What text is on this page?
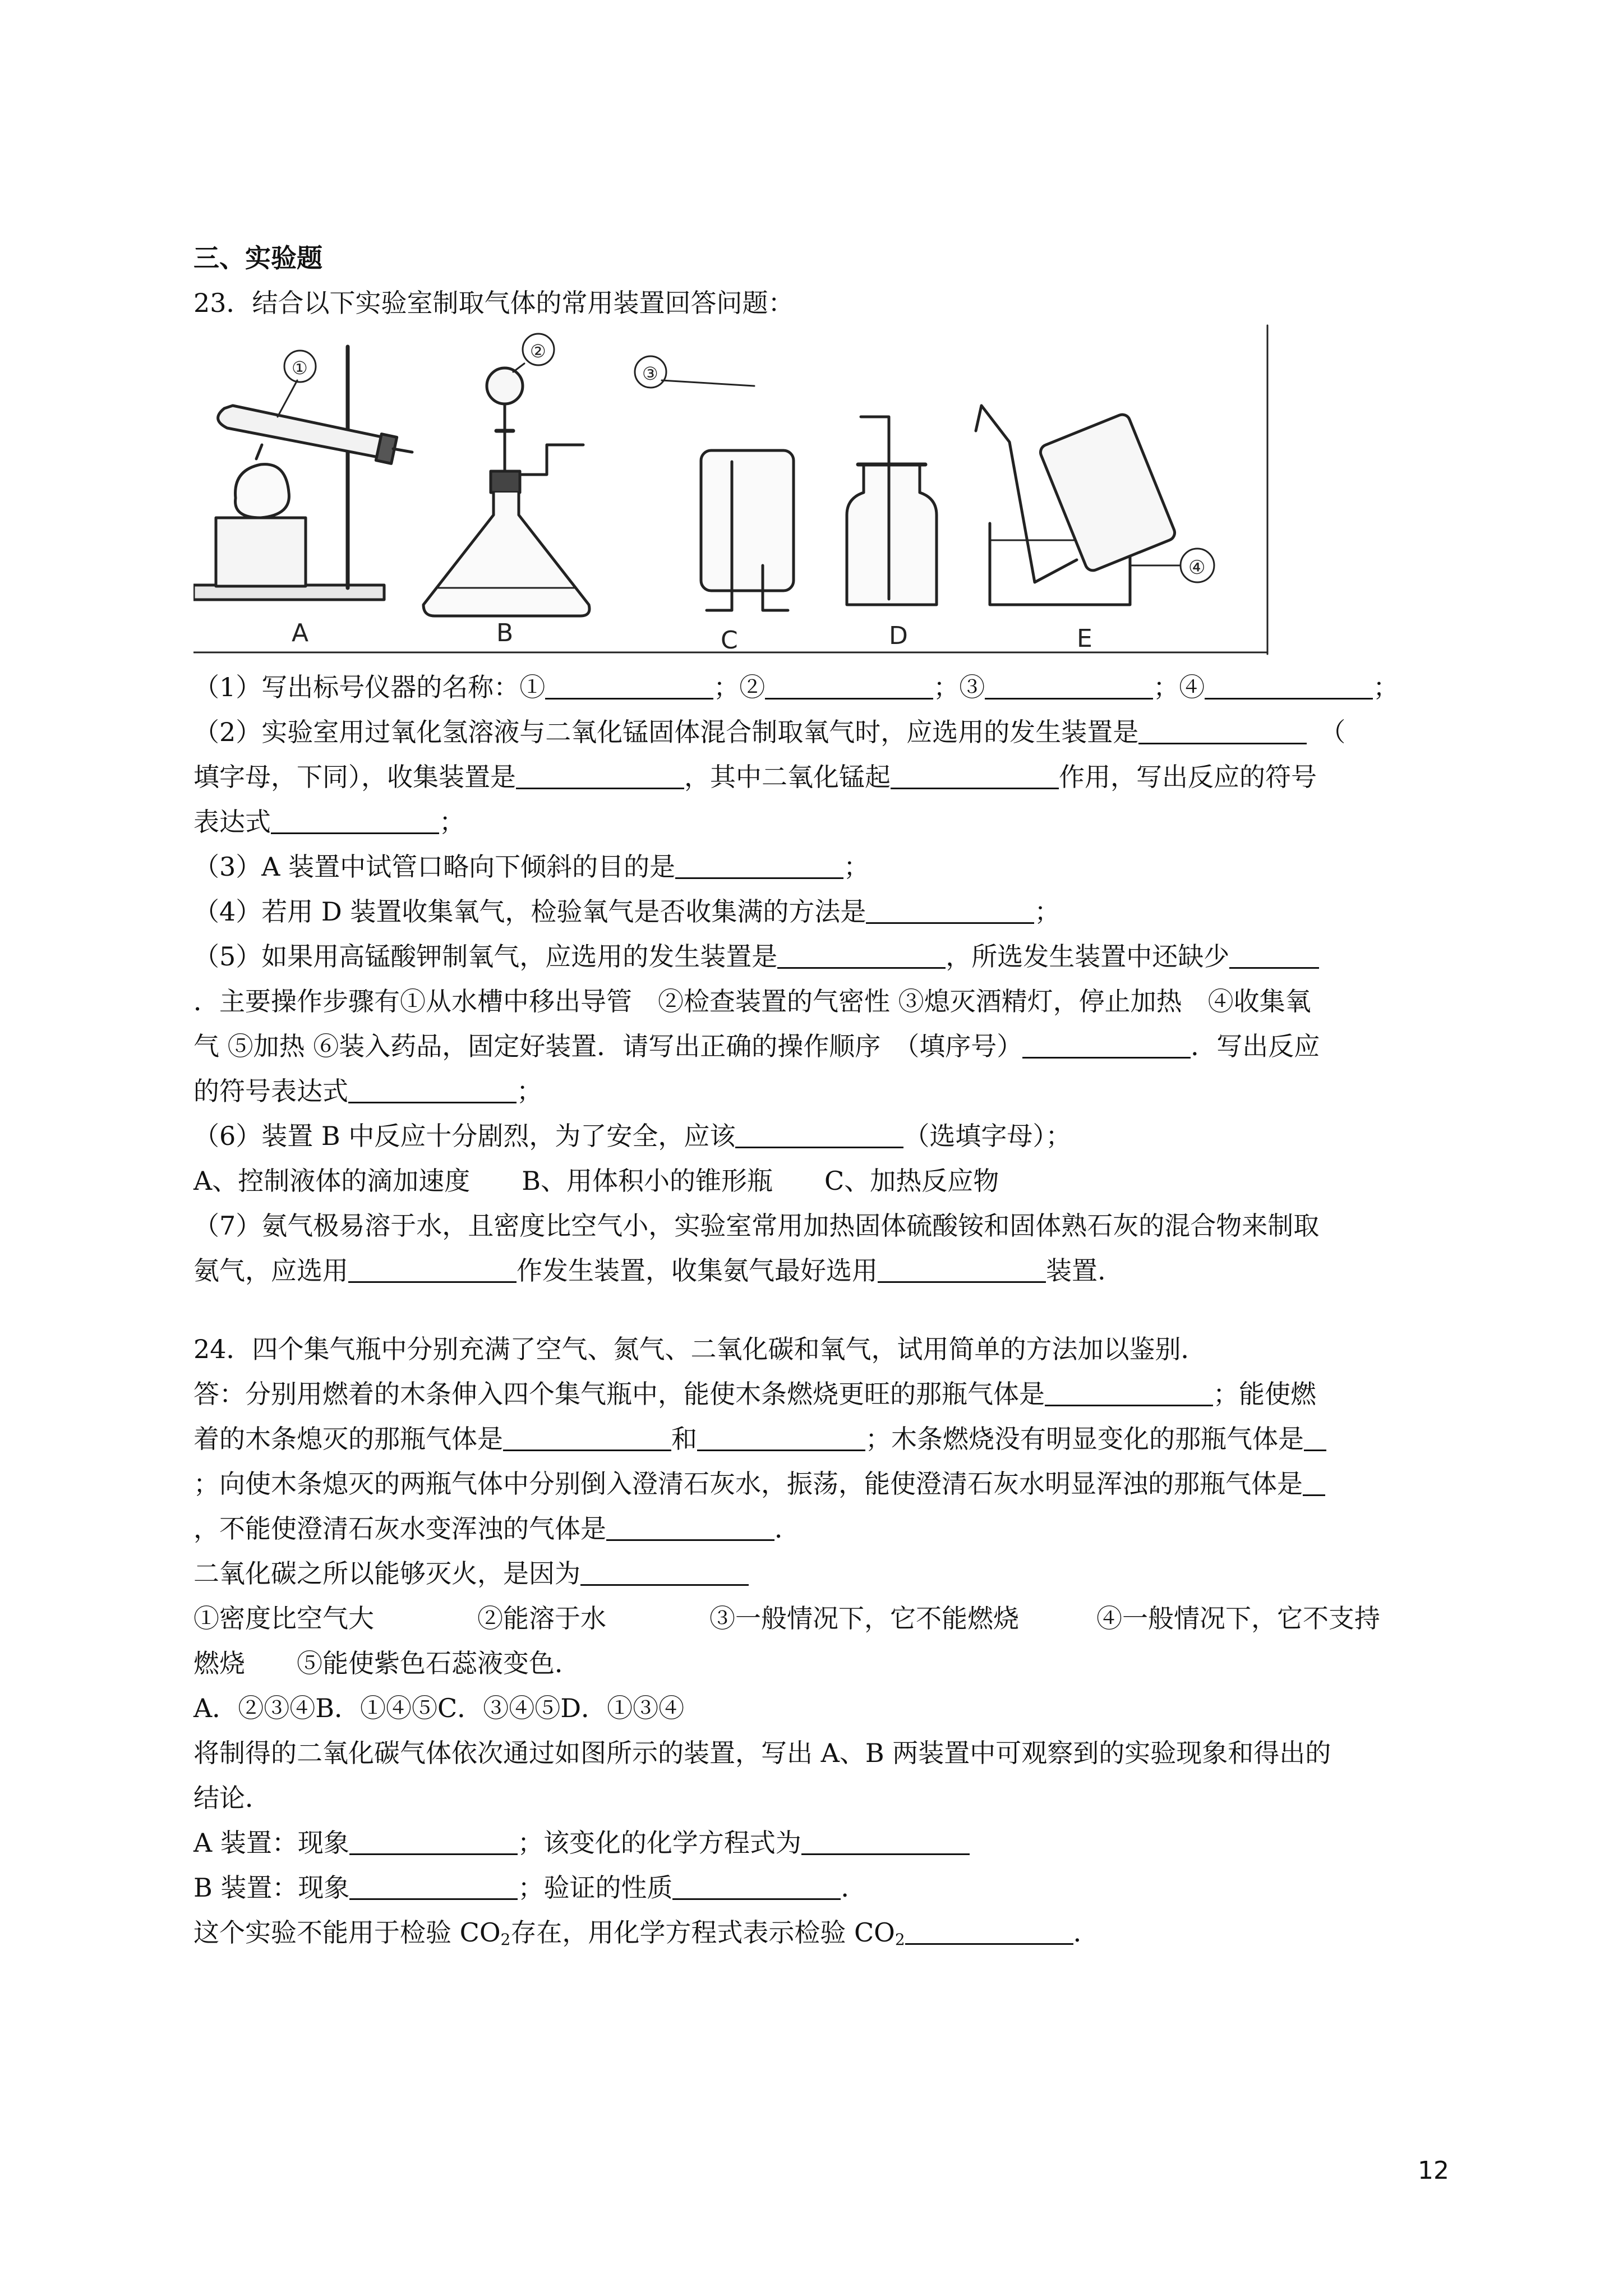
三、实验题
23．结合以下实验室制取气体的常用装置回答问题：
A	B	C	D	E
①
②
③
④
（1）写出标号仪器的名称：①	；②	；③	；④	；
（2）实验室用过氧化氢溶液与二氧化锰固体混合制取氧气时，应选用的发生装置是　	（
填字母，下同），收集装置是	，其中二氧化锰起	作用，写出反应的符号
表达式	；
（3）A 装置中试管口略向下倾斜的目的是	；
（4）若用 D 装置收集氧气，检验氧气是否收集满的方法是	；
（5）如果用高锰酸钾制氧气，应选用的发生装置是	，所选发生装置中还缺少
．主要操作步骤有①从水槽中移出导管　②检查装置的气密性 ③熄灭酒精灯，停止加热　④收集氧
气 ⑤加热 ⑥装入药品，固定好装置．请写出正确的操作顺序　（填序号）	．写出反应
的符号表达式	；
（6）装置 B 中反应十分剧烈，为了安全，应该	（选填字母）；
A、控制液体的滴加速度　　B、用体积小的锥形瓶　　C、加热反应物
（7）氨气极易溶于水，且密度比空气小，实验室常用加热固体硫酸铵和固体熟石灰的混合物来制取
氨气，应选用	作发生装置，收集氨气最好选用	装置.
24．四个集气瓶中分别充满了空气、氮气、二氧化碳和氧气，试用简单的方法加以鉴别．
答：分别用燃着的木条伸入四个集气瓶中，能使木条燃烧更旺的那瓶气体是	；能使燃
着的木条熄灭的那瓶气体是	和	；木条燃烧没有明显变化的那瓶气体是
；向使木条熄灭的两瓶气体中分别倒入澄清石灰水，振荡，能使澄清石灰水明显浑浊的那瓶气体是
，不能使澄清石灰水变浑浊的气体是	．
二氧化碳之所以能够灭火，是因为
①密度比空气大　　　　②能溶于水　　　　③一般情况下，它不能燃烧　　　④一般情况下，它不支持
燃烧　　⑤能使紫色石蕊液变色．
A．②③④B．①④⑤C．③④⑤D．①③④
将制得的二氧化碳气体依次通过如图所示的装置，写出 A、B 两装置中可观察到的实验现象和得出的
结论．
A 装置：现象	；该变化的化学方程式为
B 装置：现象	；验证的性质	．
这个实验不能用于检验 $CO_2$存在，用化学方程式表示检验 $CO_2$	．
12
